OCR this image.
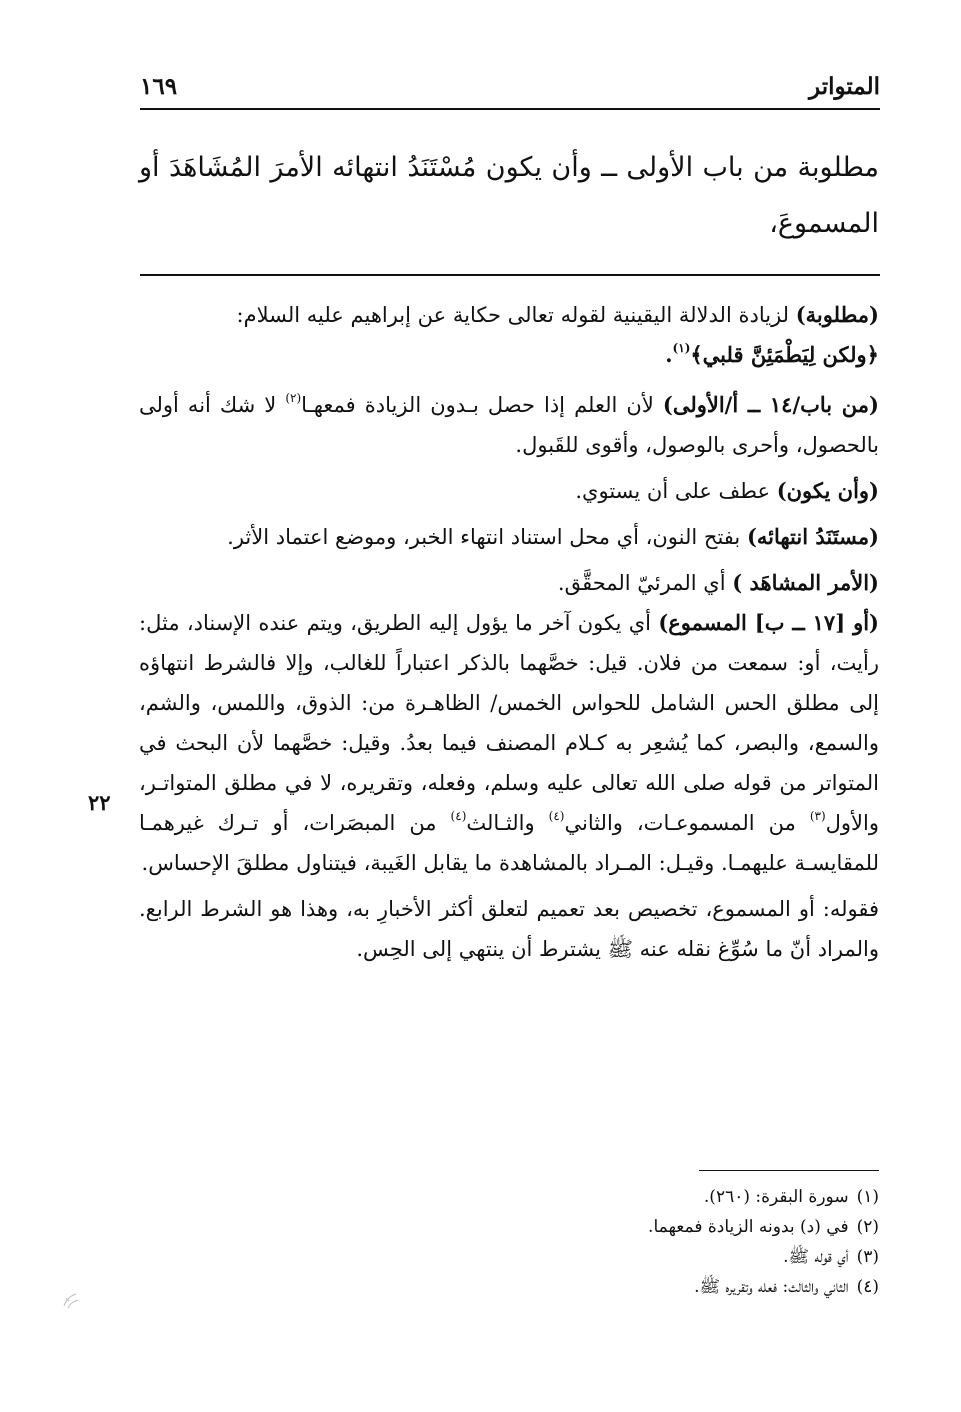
المتواتر
١٦٩
مطلوبة من باب الأولى ــ وأن يكون مُسْتَنَدُ انتهائه الأمرَ المُشَاهَدَ أو المسموعَ،

(مطلوبة) لزيادة الدلالة اليقينية لقوله تعالى حكاية عن إبراهيم عليه السلام:

﴿ولكن لِيَطْمَئِنَّ قلبي﴾$^{(١)}$.

(من باب/١٤ ــ أ/الأولى) لأن العلم إذا حصل بـدون الزيادة فمعهـا$^{(٢)}$ لا شك أنه أولى بالحصول، وأحرى بالوصول، وأقوى للقَبول.

(وأن يكون) عطف على أن يستوي.

(مستَنَدُ انتهائه) بفتح النون، أي محل استناد انتهاء الخبر، وموضع اعتماد الأثر.

(الأمر المشاهَد ) أي المرئيّ المحقَّق.

(أو [١٧ ــ ب] المسموع) أي يكون آخر ما يؤول إليه الطريق، ويتم عنده الإسناد، مثل: رأيت، أو: سمعت من فلان. قيل: خصَّهما بالذكر اعتباراً للغالب، وإلا فالشرط انتهاؤه إلى مطلق الحس الشامل للحواس الخمس/ الظاهـرة من: الذوق، واللمس، والشم، والسمع، والبصر، كما يُشعِر به كـلام المصنف فيما بعدُ. وقيل: خصَّهما لأن البحث في المتواتر من قوله صلى الله تعالى عليه وسلم، وفعله، وتقريره، لا في مطلق المتواتـر، والأول$^{(٣)}$ من المسموعـات، والثاني$^{(٤)}$ والثـالث$^{(٤)}$ من المبصَرات، أو تـرك غيرهمـا للمقايسـة عليهمـا. وقيـل: المـراد بالمشاهدة ما يقابل الغَيبة، فيتناول مطلقَ الإحساس.

فقوله: أو المسموع، تخصيص بعد تعميم لتعلق أكثر الأخبارِ به، وهذا هو الشرط الرابع. والمراد أنّ ما سُوِّغ نقله عنه ﷺ يشترط أن ينتهي إلى الحِس.

٢٢
(١)سورة البقرة: (٢٦٠).
(٢)في (د) بدونه الزيادة فمعهما.
(٣)أي قوله ﷺ.
(٤)الثاني والثالث: فعله وتقريره ﷺ.
